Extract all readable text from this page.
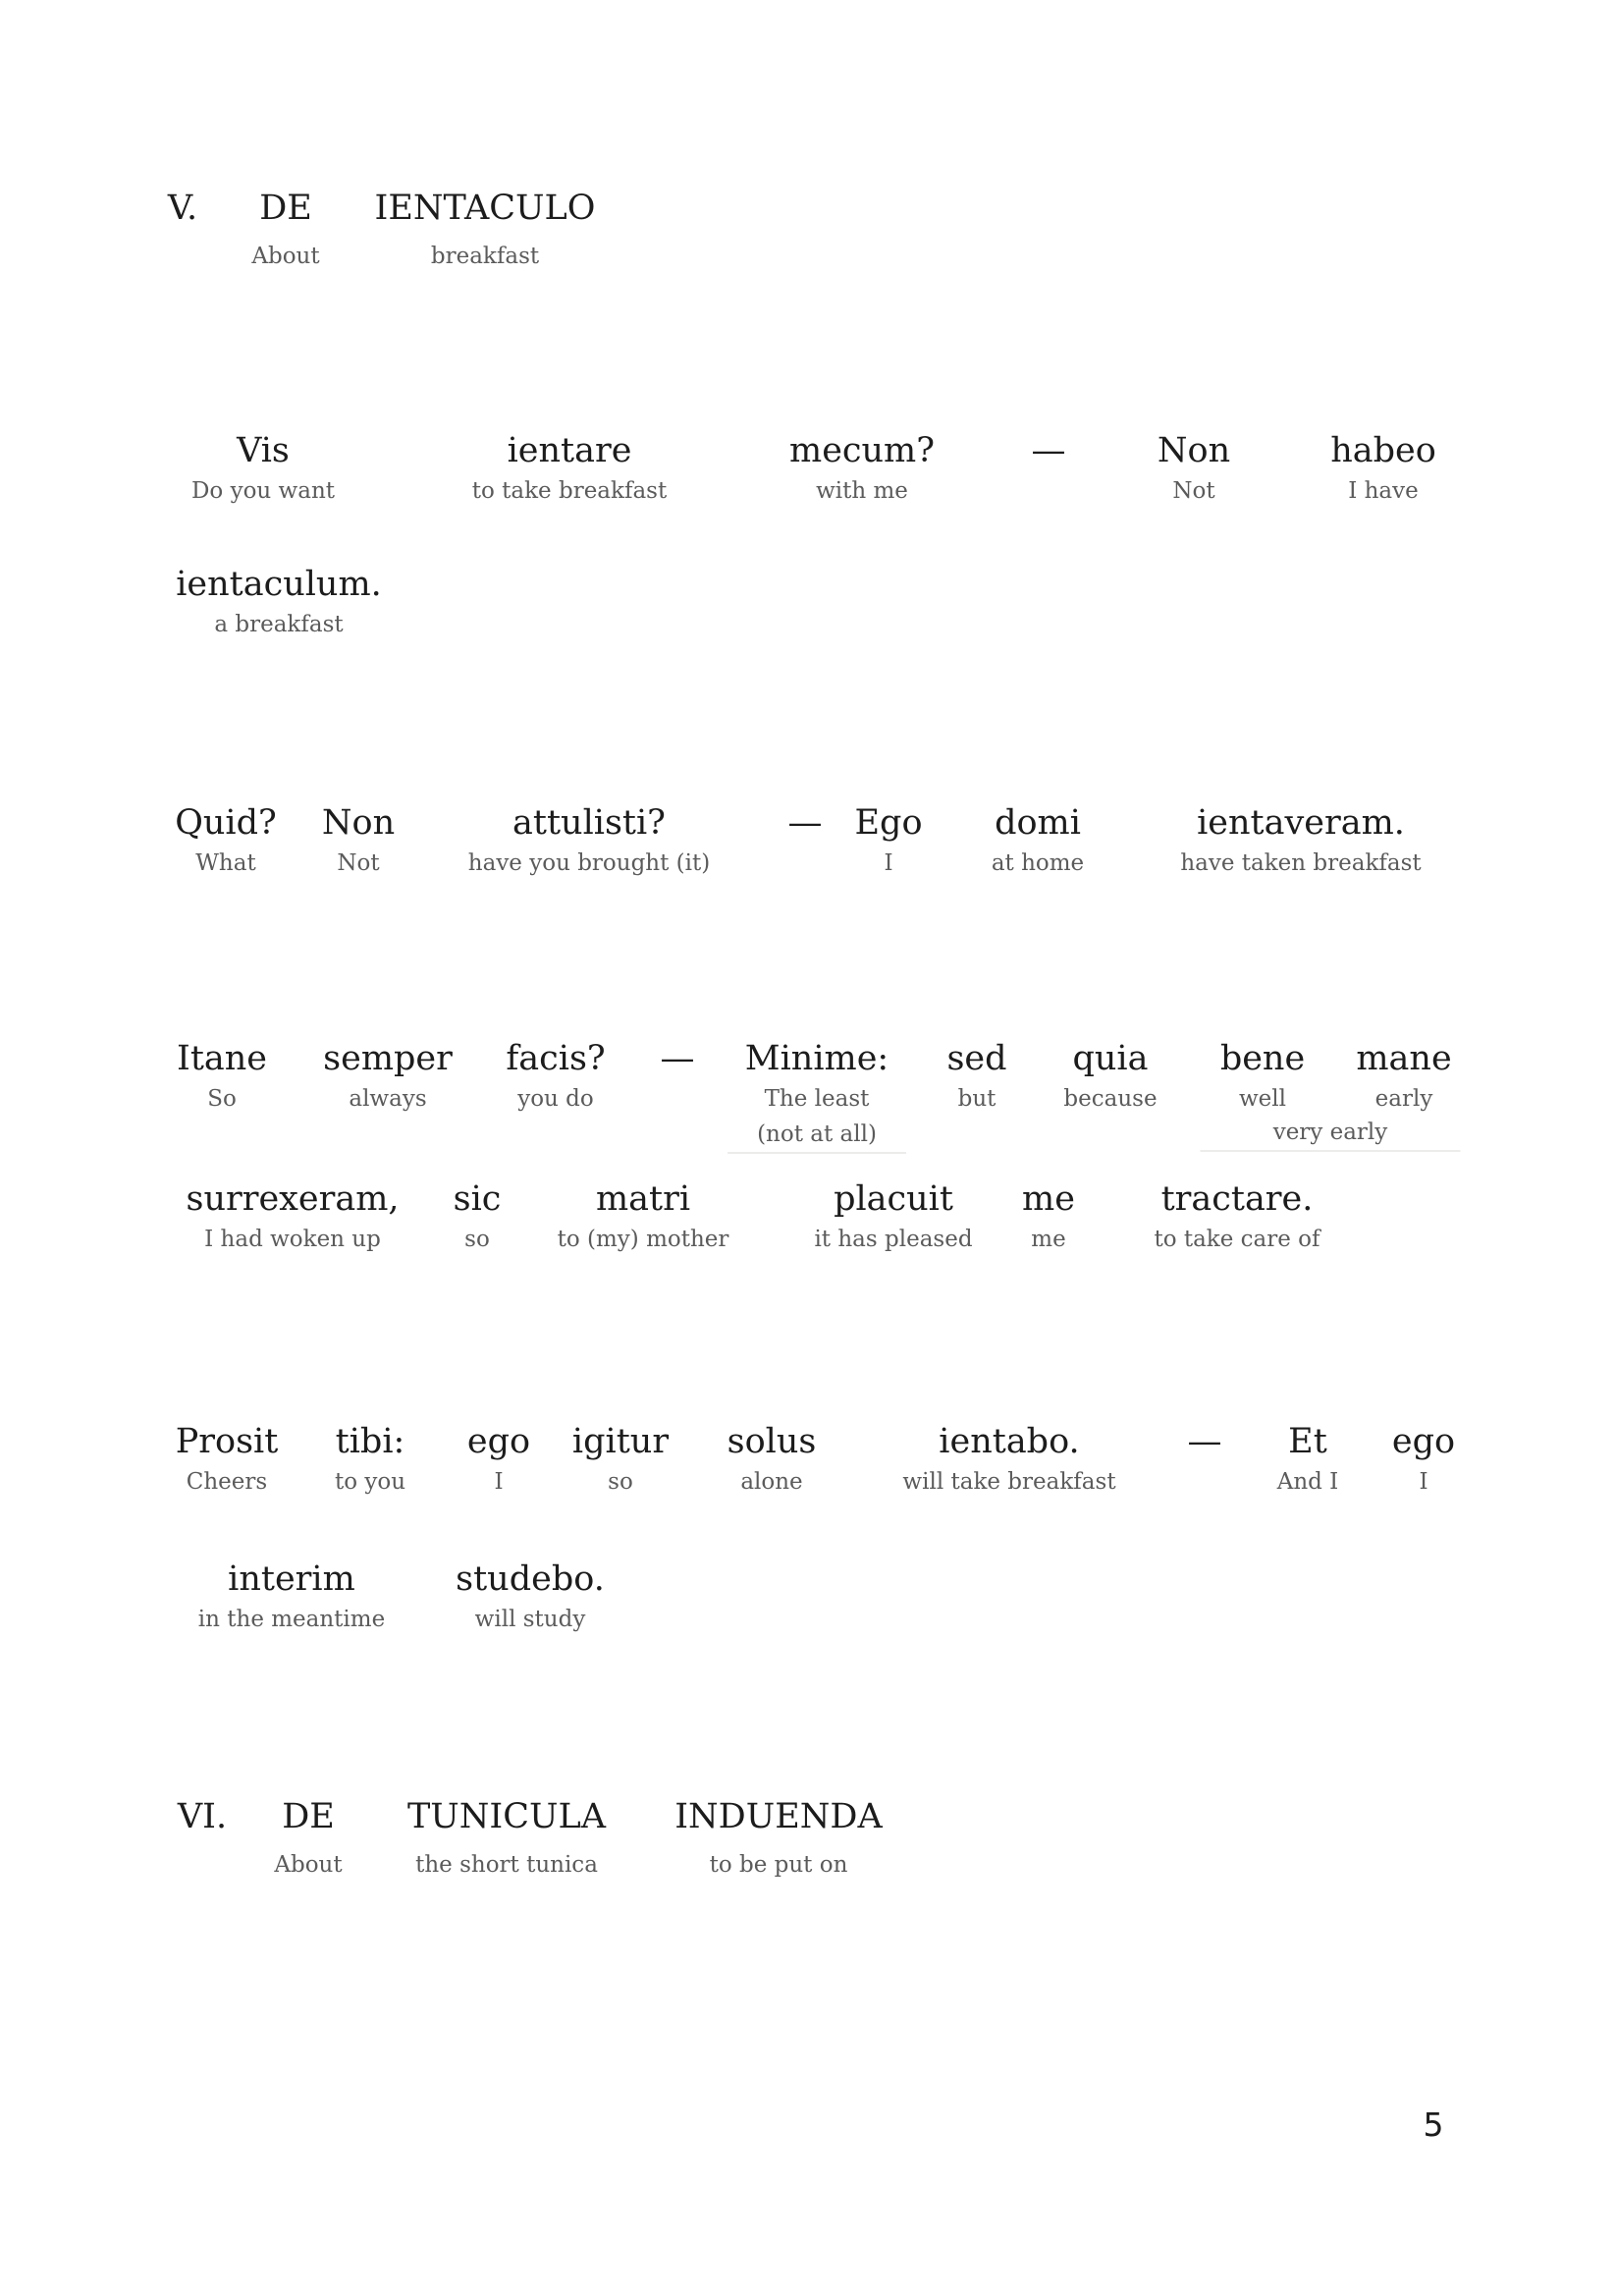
V. DE
About
IENTACULO
breakfast
Vis
Do you want
ientare
to take breakfast
mecum?
with me
—	Non
Not
habeo
I have
ientaculum.
a breakfast
Quid?
What
Non
Not
attulisti?
have you brought (it)
— Ego
I
domi
at home
ientaveram.
have taken breakfast
Itane
So
semper
always
facis?
you do
—	Minime:
The least
(not at all)
sed
but
quia
because
bene
well
mane
early
very early
surrexeram,
I had woken up
sic
so
matri
to (my) mother
placuit
it has pleased
me
me
tractare.
to take care of
Prosit
Cheers
tibi:
to you
ego
I
igitur
so
solus
alone
ientabo.
will take breakfast
—	Et
And I
ego
I
interim
in the meantime
studebo.
will study
VI. DE
About
TUNICULA
the short tunica
INDUENDA
to be put on
5
